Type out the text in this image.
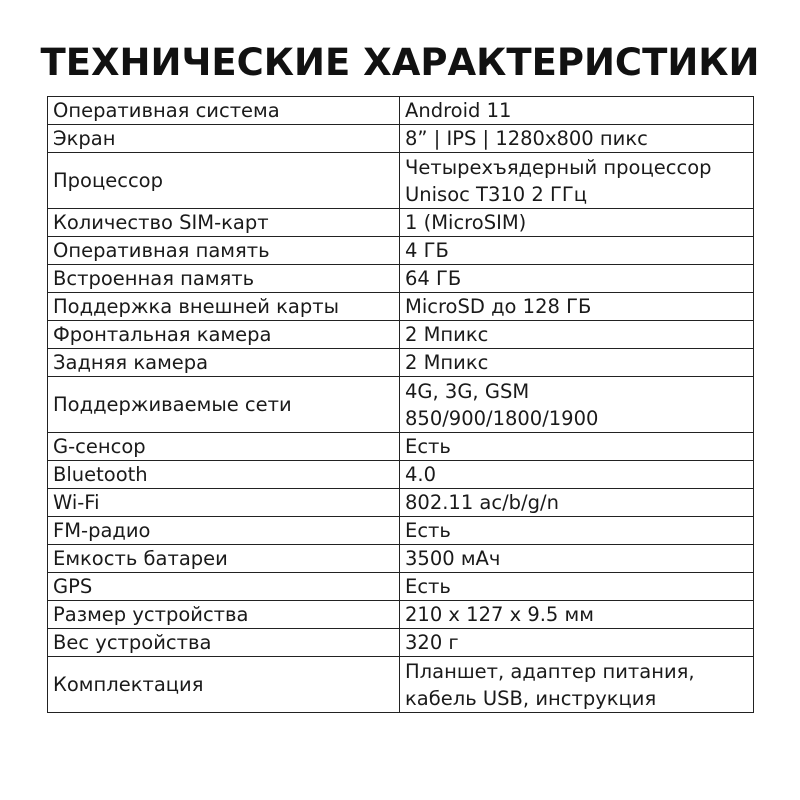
ТЕХНИЧЕСКИЕ ХАРАКТЕРИСТИКИ
Оперативная система	Android 11

Экран	8” | IPS | 1280x800 пикс

Процессор	Четырехъядерный процессор
Unisoc T310 2 ГГц

Количество SIM-карт	1 (MicroSIM)

Оперативная память	4 ГБ

Встроенная память	64 ГБ

Поддержка внешней карты	MicroSD до 128 ГБ

Фронтальная камера	2 Мпикс

Задняя камера	2 Мпикс

Поддерживаемые сети	4G, 3G, GSM
850/900/1800/1900

G-сенсор	Есть

Bluetooth	4.0

Wi-Fi	802.11 ac/b/g/n

FM-радио	Есть

Емкость батареи	3500 мАч

GPS	Есть

Размер устройства	210 x 127 x 9.5 мм

Вес устройства	320 г

Комплектация	Планшет, адаптер питания,
кабель USB, инструкция
